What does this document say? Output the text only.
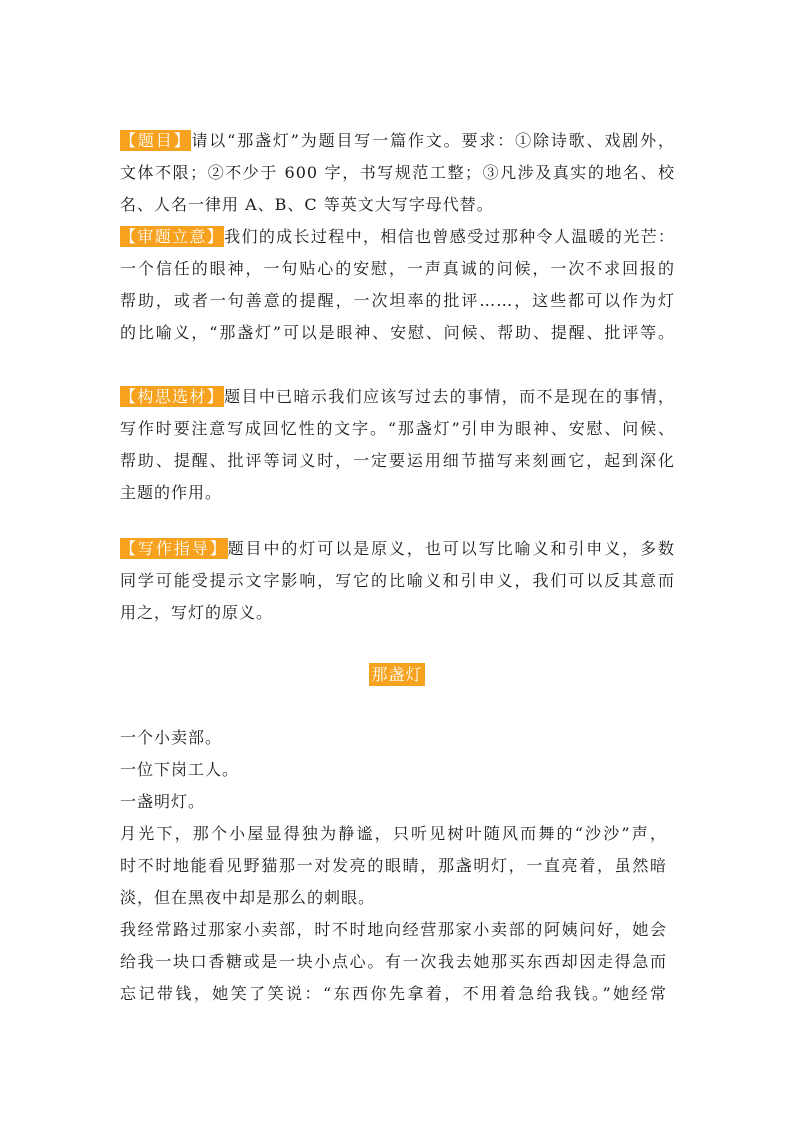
【题目】请以“那盏灯”为题目写一篇作文。要求：①除诗歌、戏剧外，
文体不限；②不少于 600 字，书写规范工整；③凡涉及真实的地名、校
名、人名一律用 A、B、C 等英文大写字母代替。
【审题立意】我们的成长过程中，相信也曾感受过那种令人温暖的光芒：
一个信任的眼神，一句贴心的安慰，一声真诚的问候，一次不求回报的
帮助，或者一句善意的提醒，一次坦率的批评……，这些都可以作为灯
的比喻义，“那盏灯”可以是眼神、安慰、问候、帮助、提醒、批评等。
【构思选材】题目中已暗示我们应该写过去的事情，而不是现在的事情，
写作时要注意写成回忆性的文字。“那盏灯”引申为眼神、安慰、问候、
帮助、提醒、批评等词义时，一定要运用细节描写来刻画它，起到深化
主题的作用。
【写作指导】题目中的灯可以是原义，也可以写比喻义和引申义，多数
同学可能受提示文字影响，写它的比喻义和引申义，我们可以反其意而
用之，写灯的原义。
那盏灯
一个小卖部。
一位下岗工人。
一盏明灯。
月光下，那个小屋显得独为静谧，只听见树叶随风而舞的“沙沙”声，
时不时地能看见野猫那一对发亮的眼睛，那盏明灯，一直亮着，虽然暗
淡，但在黑夜中却是那么的刺眼。
我经常路过那家小卖部，时不时地向经营那家小卖部的阿姨问好，她会
给我一块口香糖或是一块小点心。有一次我去她那买东西却因走得急而
忘记带钱，她笑了笑说：“东西你先拿着，不用着急给我钱。”她经常
